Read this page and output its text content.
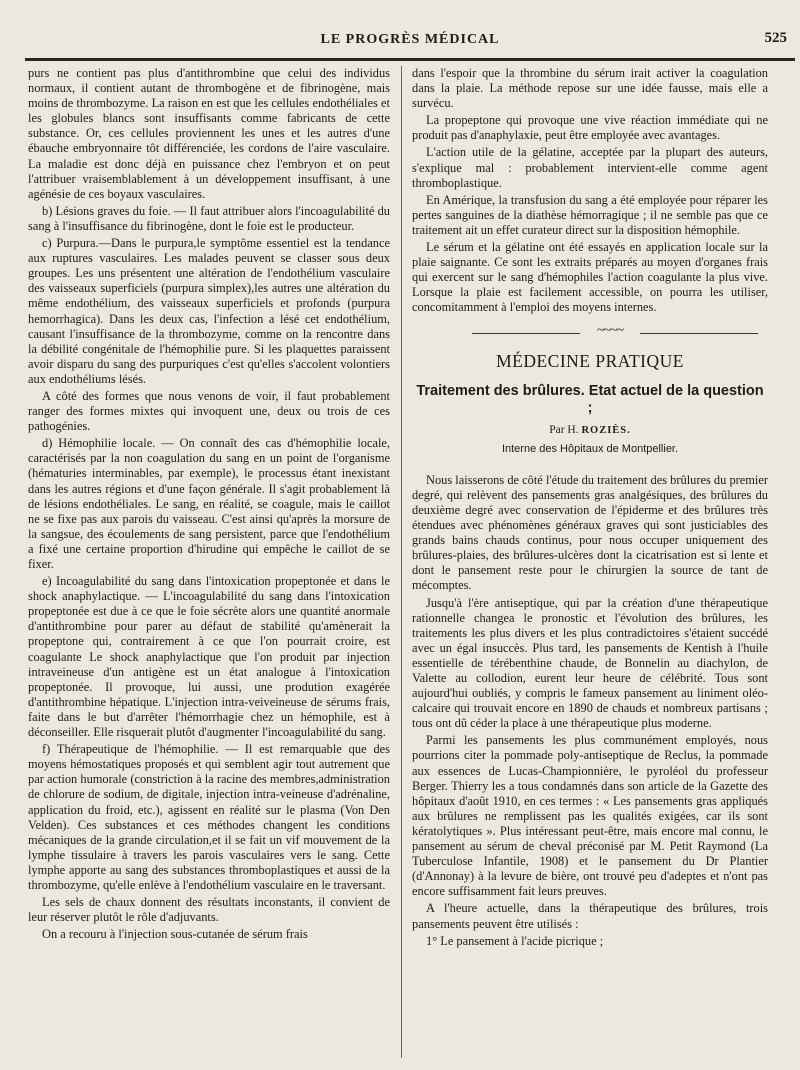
LE PROGRÈS MÉDICAL	525

purs ne contient pas plus d'antithrombine que celui des individus normaux, il contient autant de thrombogène et de fibrinogène, mais moins de thrombozyme. La raison en est que les cellules endothéliales et les globules blancs sont insuffisants comme fabricants de cette substance. Or, ces cellules proviennent les unes et les autres d'une ébauche embryonnaire tôt différenciée, les cordons de l'aire vasculaire. La maladie est donc déjà en puissance chez l'embryon et on peut l'attribuer vraisemblablement à un développement insuffisant, à une agénésie de ces boyaux vasculaires.

b) Lésions graves du foie. — Il faut attribuer alors l'incoagulabilité du sang à l'insuffisance du fibrinogène, dont le foie est le producteur.

c) Purpura.—Dans le purpura,le symptôme essentiel est la tendance aux ruptures vasculaires. Les malades peuvent se classer sous deux groupes. Les uns présentent une altération de l'endothélium vasculaire des vaisseaux superficiels (purpura simplex),les autres une altération du même endothélium, des vaisseaux superficiels et profonds (purpura hemorrhagica). Dans les deux cas, l'infection a lésé cet endothélium, causant l'insuffisance de la thrombozyme, comme on la rencontre dans la débilité congénitale de l'hémophilie pure. Si les plaquettes paraissent avoir disparu du sang des purpuriques c'est qu'elles s'accolent volontiers aux endothéliums lésés.

A côté des formes que nous venons de voir, il faut probablement ranger des formes mixtes qui invoquent une, deux ou trois de ces pathogénies.

d) Hémophilie locale. — On connaît des cas d'hémophilie locale, caractérisés par la non coagulation du sang en un point de l'organisme (hématuries interminables, par exemple), le processus étant inexistant dans les autres régions et d'une façon générale. Il s'agit probablement là de lésions endothéliales. Le sang, en réalité, se coagule, mais le caillot ne se fixe pas aux parois du vaisseau. C'est ainsi qu'après la morsure de la sangsue, des écoulements de sang persistent, parce que l'endothélium a fixé une certaine proportion d'hirudine qui empêche le caillot de se fixer.

e) Incoagulabilité du sang dans l'intoxication propeptonée et dans le shock anaphylactique. — L'incoagulabilité du sang dans l'intoxication propeptonée est due à ce que le foie sécrète alors une quantité anormale d'antithrombine pour parer au défaut de stabilité qu'amènerait la propeptone qui, contrairement à ce que l'on pourrait croire, est coagulante Le shock anaphylactique que l'on produit par injection intraveineuse d'un antigène est un état analogue à l'intoxication propeptonée. Il provoque, lui aussi, une prodution exagérée d'antithrombine hépatique. L'injection intra-veiveineuse de sérums frais, faite dans le but d'arrêter l'hémorrhagie chez un hémophile, est à déconseiller. Elle risquerait plutôt d'augmenter l'incoagulabilité du sang.

f) Thérapeutique de l'hémophilie. — Il est remarquable que des moyens hémostatiques proposés et qui semblent agir tout autrement que par action humorale (constriction à la racine des membres,administration de chlorure de sodium, de digitale, injection intra-veineuse d'adrénaline, application du froid, etc.), agissent en réalité sur le plasma (Von Den Velden). Ces substances et ces méthodes changent les conditions mécaniques de la grande circulation,et il se fait un vif mouvement de la lymphe tissulaire à travers les parois vasculaires vers le sang. Cette lymphe apporte au sang des substances thromboplastiques et aussi de la thrombozyme, qu'elle enlève à l'endothélium vasculaire en le traversant.

Les sels de chaux donnent des résultats inconstants, il convient de leur réserver plutôt le rôle d'adjuvants.

On a recouru à l'injection sous-cutanée de sérum frais

dans l'espoir que la thrombine du sérum irait activer la coagulation dans la plaie. La méthode repose sur une idée fausse, mais elle a survécu.

La propeptone qui provoque une vive réaction immédiate qui ne produit pas d'anaphylaxie, peut être employée avec avantages.

L'action utile de la gélatine, acceptée par la plupart des auteurs, s'explique mal : probablement intervient-elle comme agent thromboplastique.

En Amérique, la transfusion du sang a été employée pour réparer les pertes sanguines de la diathèse hémorragique ; il ne semble pas que ce traitement ait un effet curateur direct sur la disposition hémophile.

Le sérum et la gélatine ont été essayés en application locale sur la plaie saignante. Ce sont les extraits préparés au moyen d'organes frais qui exercent sur le sang d'hémophiles l'action coagulante la plus vive. Lorsque la plaie est facilement accessible, on pourra les utiliser, concomitamment à l'emploi des moyens internes.

~~~~
MÉDECINE PRATIQUE
Traitement des brûlures. Etat actuel de la question ;
Par H. ROZIÈS.
Interne des Hôpitaux de Montpellier.

Nous laisserons de côté l'étude du traitement des brûlures du premier degré, qui relèvent des pansements gras analgésiques, des brûlures du deuxième degré avec conservation de l'épiderme et des brûlures très étendues avec phénomènes généraux graves qui sont justiciables des grands bains chauds continus, pour nous occuper uniquement des brûlures-plaies, des brûlures-ulcères dont la cicatrisation est si lente et dont le pansement reste pour le chirurgien la source de tant de mécomptes.

Jusqu'à l'ère antiseptique, qui par la création d'une thérapeutique rationnelle changea le pronostic et l'évolution des brûlures, les traitements les plus divers et les plus contradictoires s'étaient succédé avec un égal insuccès. Plus tard, les pansements de Kentish à l'huile essentielle de térébenthine chaude, de Bonnelin au diachylon, de Valette au collodion, eurent leur heure de célébrité. Tous sont aujourd'hui oubliés, y compris le fameux pansement au liniment oléo-calcaire qui trouvait encore en 1890 de chauds et nombreux partisans ; tous ont dû céder la place à une thérapeutique plus moderne.

Parmi les pansements les plus communément employés, nous pourrions citer la pommade poly-antiseptique de Reclus, la pommade aux essences de Lucas-Championnière, le pyroléol du professeur Berger. Thierry les a tous condamnés dans son article de la Gazette des hôpitaux d'août 1910, en ces termes : « Les pansements gras appliqués aux brûlures ne remplissent pas les qualités exigées, car ils sont kératolytiques ». Plus intéressant peut-être, mais encore mal connu, le pansement au sérum de cheval préconisé par M. Petit Raymond (La Tuberculose Infantile, 1908) et le pansement du Dr Plantier (d'Annonay) à la levure de bière, ont trouvé peu d'adeptes et n'ont pas encore suffisamment fait leurs preuves.

A l'heure actuelle, dans la thérapeutique des brûlures, trois pansements peuvent être utilisés :

1° Le pansement à l'acide picrique ;
